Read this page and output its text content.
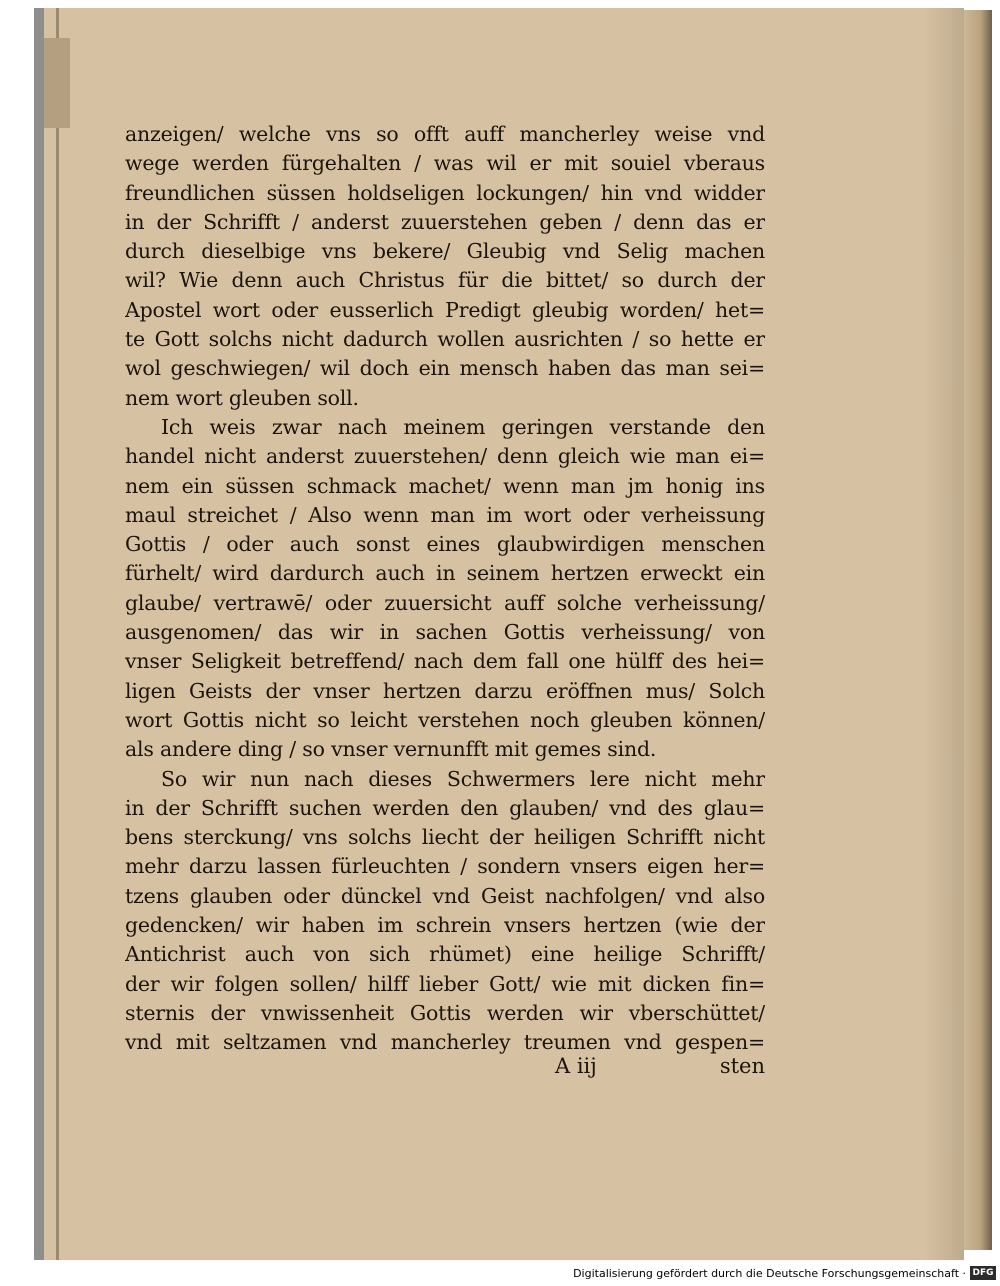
anzeigen/ welche vns so offt auff mancherley weise vnd
wege werden fürgehalten / was wil er mit souiel vberaus
freundlichen süssen holdseligen lockungen/ hin vnd widder
in der Schrifft / anderst zuuerstehen geben / denn das er
durch dieselbige vns bekere/ Gleubig vnd Selig machen
wil? Wie denn auch Christus für die bittet/ so durch der
Apostel wort oder eusserlich Predigt gleubig worden/ het=
te Gott solchs nicht dadurch wollen ausrichten / so hette er
wol geschwiegen/ wil doch ein mensch haben das man sei=
nem wort gleuben soll.
Ich weis zwar nach meinem geringen verstande den
handel nicht anderst zuuerstehen/ denn gleich wie man ei=
nem ein süssen schmack machet/ wenn man jm honig ins
maul streichet / Also wenn man im wort oder verheissung
Gottis / oder auch sonst eines glaubwirdigen menschen
fürhelt/ wird dardurch auch in seinem hertzen erweckt ein
glaube/ vertrawē/ oder zuuersicht auff solche verheissung/
ausgenomen/ das wir in sachen Gottis verheissung/ von
vnser Seligkeit betreffend/ nach dem fall one hülff des hei=
ligen Geists der vnser hertzen darzu eröffnen mus/ Solch
wort Gottis nicht so leicht verstehen noch gleuben können/
als andere ding / so vnser vernunfft mit gemes sind.
So wir nun nach dieses Schwermers lere nicht mehr
in der Schrifft suchen werden den glauben/ vnd des glau=
bens sterckung/ vns solchs liecht der heiligen Schrifft nicht
mehr darzu lassen fürleuchten / sondern vnsers eigen her=
tzens glauben oder dünckel vnd Geist nachfolgen/ vnd also
gedencken/ wir haben im schrein vnsers hertzen (wie der
Antichrist auch von sich rhümet) eine heilige Schrifft/
der wir folgen sollen/ hilff lieber Gott/ wie mit dicken fin=
sternis der vnwissenheit Gottis werden wir vberschüttet/
vnd mit seltzamen vnd mancherley treumen vnd gespen=
A iij	sten
Digitalisierung gefördert durch die Deutsche Forschungsgemeinschaft · DFG
